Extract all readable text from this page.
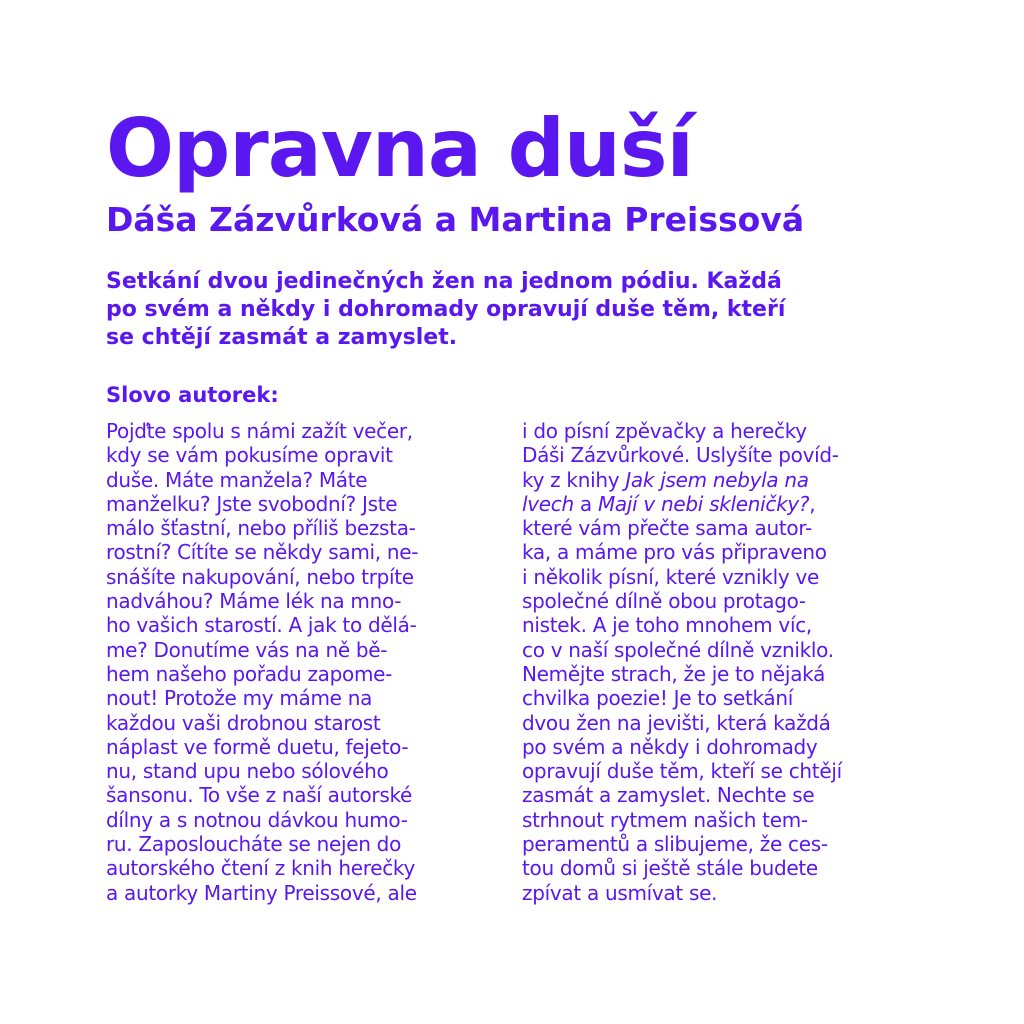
Opravna duší
Dáša Zázvůrková a Martina Preissová

Setkání dvou jedinečných žen na jednom pódiu. Každá
po svém a někdy i dohromady opravují duše těm, kteří
se chtějí zasmát a zamyslet.

Slovo autorek:
Pojďte spolu s námi zažít večer,
kdy se vám pokusíme opravit
duše. Máte manžela? Máte
manželku? Jste svobodní? Jste
málo šťastní, nebo příliš bezsta-
rostní? Cítíte se někdy sami, ne-
snášíte nakupování, nebo trpíte
nadváhou? Máme lék na mno-
ho vašich starostí. A jak to dělá-
me? Donutíme vás na ně bě-
hem našeho pořadu zapome-
nout! Protože my máme na
každou vaši drobnou starost
náplast ve formě duetu, fejeto-
nu, stand upu nebo sólového
šansonu. To vše z naší autorské
dílny a s notnou dávkou humo-
ru. Zaposloucháte se nejen do
autorského čtení z knih herečky
a autorky Martiny Preissové, ale
i do písní zpěvačky a herečky
Dáši Zázvůrkové. Uslyšíte povíd-
ky z knihy Jak jsem nebyla na
lvech a Mají v nebi skleničky?,
které vám přečte sama autor-
ka, a máme pro vás připraveno
i několik písní, které vznikly ve
společné dílně obou protago-
nistek. A je toho mnohem víc,
co v naší společné dílně vzniklo.
Nemějte strach, že je to nějaká
chvilka poezie! Je to setkání
dvou žen na jevišti, která každá
po svém a někdy i dohromady
opravují duše těm, kteří se chtějí
zasmát a zamyslet. Nechte se
strhnout rytmem našich tem-
peramentů a slibujeme, že ces-
tou domů si ještě stále budete
zpívat a usmívat se.
